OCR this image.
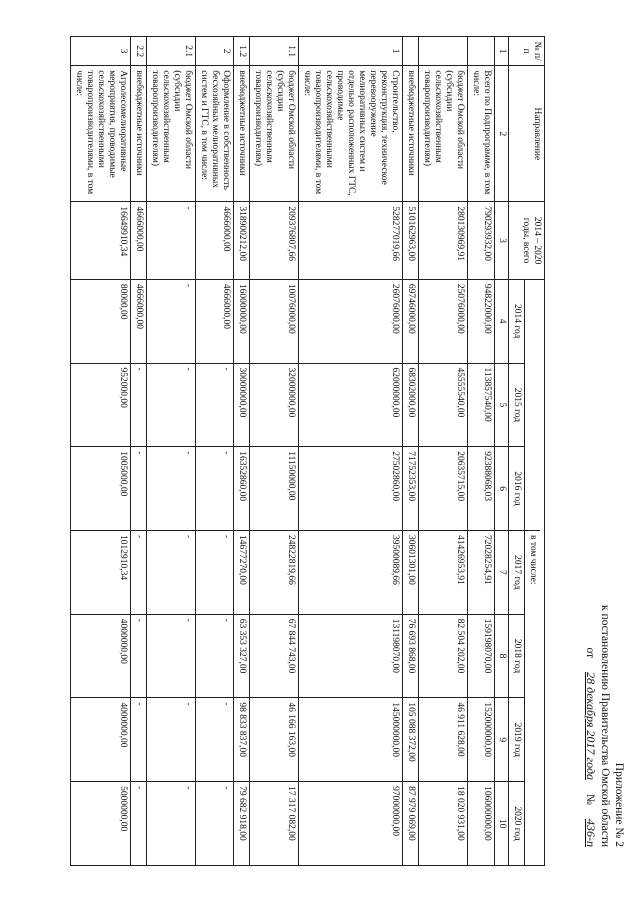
Приложение № 2
к постановлению Правительства Омской области
от28 декабря 2017 года№436-п
№ п/п	Направление	2014 – 2020 годы, всего							
						в том числе:			
			2014 год	2015 год	2016 год	2017 год	2018 год	2019 год	2020 год
1	2	3	4	5	6	7	8	9	10
	Всего по Подпрограмме, в том числе:	790293932,00	94822000,00	113857540,00	92388068,03	72028254,91	159198070,00	152000000,00	106000000,00
	бюджет Омской области (субсидии сельскохозяйственным товаропроизводителям)	280130969,91	25076000,00	45555540,00	20635715,00	41426953,91	82 504 202,00	46 911 628,00	18 020 931,00
	внебюджетные источники	510162963,00	69746000,00	68302000,00	71752353,00	30601301,00	76 693 868,00	105 088 372,00	87 979 069,00
1	Строительство, реконструкция, техническое перевооружение мелиоративных систем и отдельно расположенных ГТС, проводимые сельскохозяйственными товаропроизводителями, в том числе:	528277019,66	26076000,00	62000000,00	27502860,00	39500089,66	131198070,00	145000000,00	97000000,00
1.1	бюджет Омской области (субсидии сельскохозяйственным товаропроизводителям)	209376807,66	10076000,00	32000000,00	11150000,00	24822819,66	67 844 743,00	46 166 163,00	17 317 082,00
1.2	внебюджетные источники	318900212,00	16000000,00	30000000,00	16352860,00	14677270,00	63 353 327,00	98 833 837,00	79 682 918,00
2	Оформление в собственность бесхозяйных мелиоративных систем и ГТС, в том числе:	4666000,00	4666000,00	-	-	-	-	-	-
2.1	бюджет Омской области (субсидии сельскохозяйственным товаропроизводителям)	-	-	-	-	-	-	-	-
2.2	внебюджетные источники	4666000,00	4666000,00	-	-	-	-	-	-
3	Агролесомелиоративные мероприятия, проводимые сельскохозяйственными товаропроизводителями, в том числе:	16649910,34	80000,00	952000,00	1005000,00	1012910,34	4000000,00	4000000,00	5000000,00
